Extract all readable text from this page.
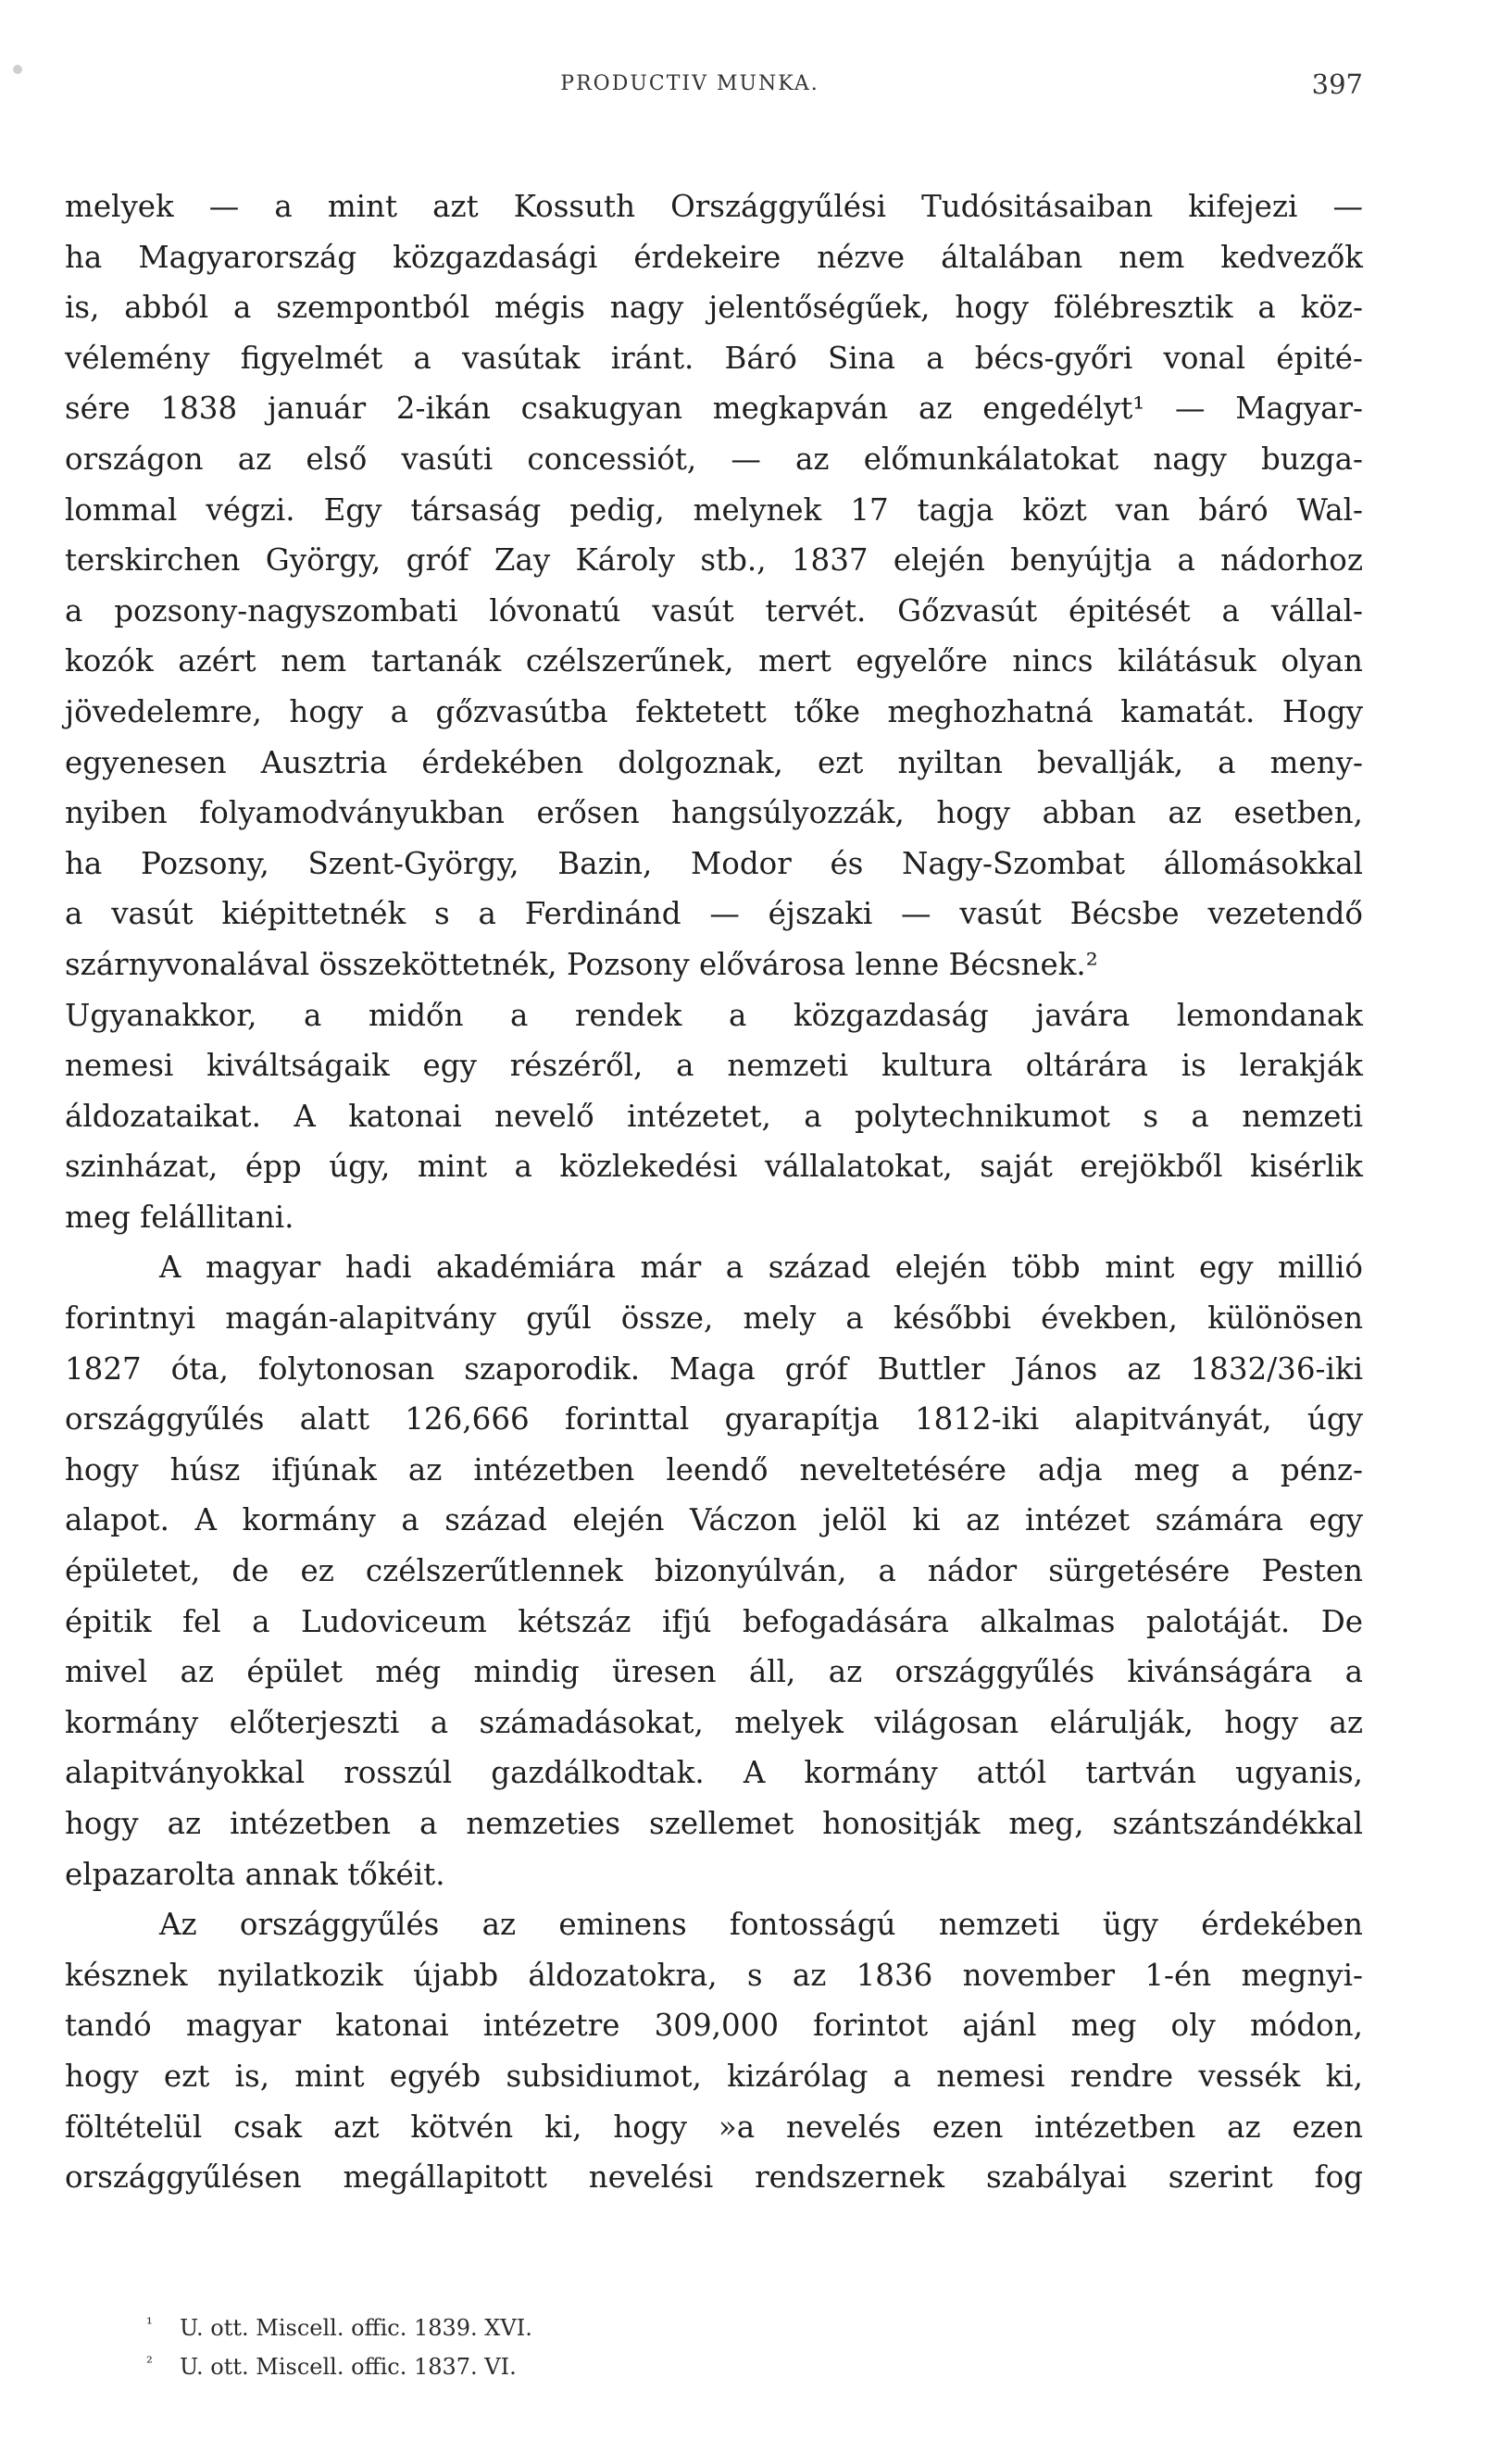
PRODUCTIV MUNKA.	397
melyek — a mint azt Kossuth Országgyűlési Tudósitásaiban kifejezi —
ha Magyarország közgazdasági érdekeire nézve általában nem kedvezők
is, abból a szempontból mégis nagy jelentőségűek, hogy fölébresztik a köz-
vélemény figyelmét a vasútak iránt. Báró Sina a bécs-győri vonal épité-
sére 1838 január 2-ikán csakugyan megkapván az engedélyt¹ — Magyar-
országon az első vasúti concessiót, — az előmunkálatokat nagy buzga-
lommal végzi. Egy társaság pedig, melynek 17 tagja közt van báró Wal-
terskirchen György, gróf Zay Károly stb., 1837 elején benyújtja a nádorhoz
a pozsony-nagyszombati lóvonatú vasút tervét. Gőzvasút épitését a vállal-
kozók azért nem tartanák czélszerűnek, mert egyelőre nincs kilátásuk olyan
jövedelemre, hogy a gőzvasútba fektetett tőke meghozhatná kamatát. Hogy
egyenesen Ausztria érdekében dolgoznak, ezt nyiltan bevallják, a meny-
nyiben folyamodványukban erősen hangsúlyozzák, hogy abban az esetben,
ha Pozsony, Szent-György, Bazin, Modor és Nagy-Szombat állomásokkal
a vasút kiépittetnék s a Ferdinánd — éjszaki — vasút Bécsbe vezetendő
szárnyvonalával összeköttetnék, Pozsony elővárosa lenne Bécsnek.²
Ugyanakkor, a midőn a rendek a közgazdaság javára lemondanak
nemesi kiváltságaik egy részéről, a nemzeti kultura oltárára is lerakják
áldozataikat. A katonai nevelő intézetet, a polytechnikumot s a nemzeti
szinházat, épp úgy, mint a közlekedési vállalatokat, saját erejökből kisérlik
meg felállitani.
A magyar hadi akadémiára már a század elején több mint egy millió
forintnyi magán-alapitvány gyűl össze, mely a későbbi években, különösen
1827 óta, folytonosan szaporodik. Maga gróf Buttler János az 1832/36-iki
országgyűlés alatt 126,666 forinttal gyarapítja 1812-iki alapitványát, úgy
hogy húsz ifjúnak az intézetben leendő neveltetésére adja meg a pénz-
alapot. A kormány a század elején Váczon jelöl ki az intézet számára egy
épületet, de ez czélszerűtlennek bizonyúlván, a nádor sürgetésére Pesten
épitik fel a Ludoviceum kétszáz ifjú befogadására alkalmas palotáját. De
mivel az épület még mindig üresen áll, az országgyűlés kivánságára a
kormány előterjeszti a számadásokat, melyek világosan elárulják, hogy az
alapitványokkal rosszúl gazdálkodtak. A kormány attól tartván ugyanis,
hogy az intézetben a nemzeties szellemet honositják meg, szántszándékkal
elpazarolta annak tőkéit.
Az országgyűlés az eminens fontosságú nemzeti ügy érdekében
késznek nyilatkozik újabb áldozatokra, s az 1836 november 1-én megnyi-
tandó magyar katonai intézetre 309,000 forintot ajánl meg oly módon,
hogy ezt is, mint egyéb subsidiumot, kizárólag a nemesi rendre vessék ki,
föltételül csak azt kötvén ki, hogy »a nevelés ezen intézetben az ezen
országgyűlésen megállapitott nevelési rendszernek szabályai szerint fog
¹ U. ott. Miscell. offic. 1839. XVI.
² U. ott. Miscell. offic. 1837. VI.
